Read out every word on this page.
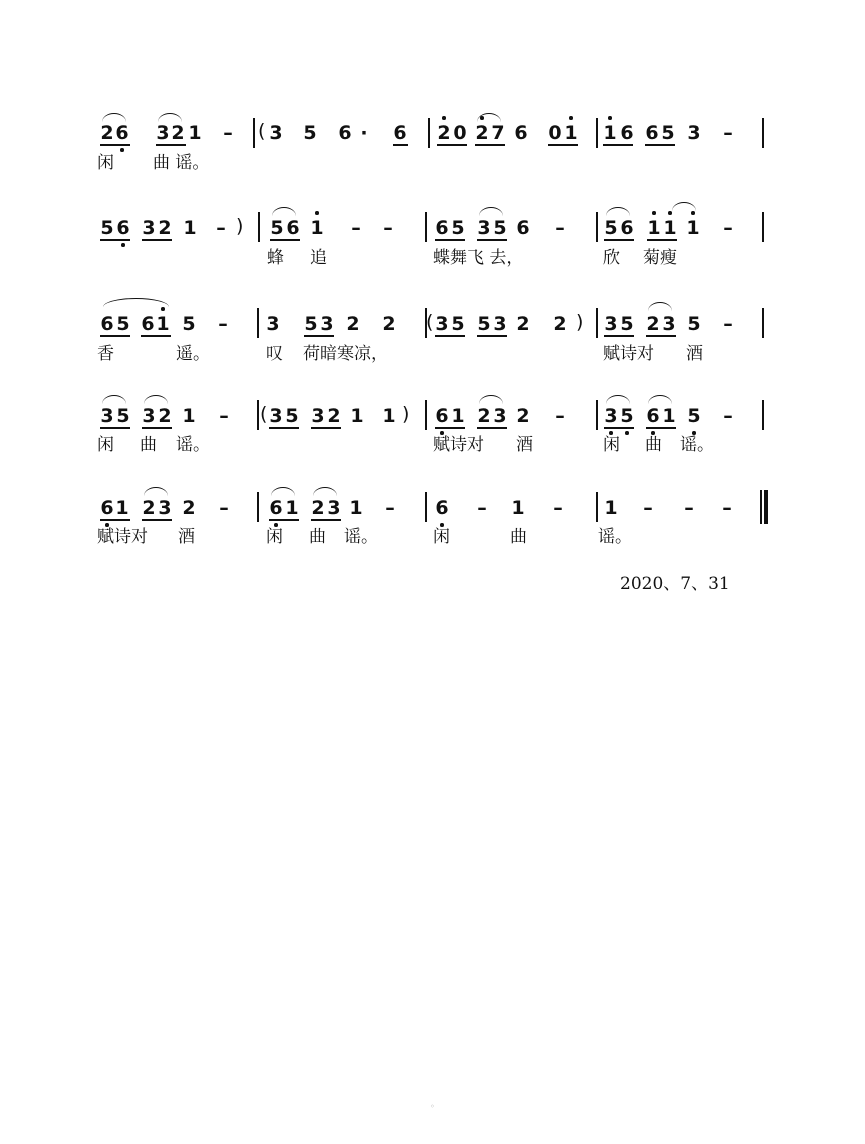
2 6 3 2 1 – ( 3 5 6 · 6 2 0 2 7 6 0 1 1 6 6 5 3 –
闲 曲 谣。
5 6 3 2 1 – ) 5 6 1 – – 6 5 3 5 6 – 5 6 1 1 1 –
蜂 追	蝶舞飞 去，	欣 菊瘦
6 5 6 1 5 – 3 5 3 2 2 ( 3 5 5 3 2 2 ) 3 5 2 3 5 –
香	遥。	叹 荷暗寒凉，	赋诗对 酒
3 5 3 2 1 – ( 3 5 3 2 1 1 ) 6 1 2 3 2 – 3 5 6 1 5 –
闲 曲 谣。	赋诗对 酒	闲 曲 谣。
6 1 2 3 2 – 6 1 2 3 1 – 6 – 1 – 1 – – –
赋诗对 酒	闲 曲 谣。	闲	曲	谣。
2020、7、31
◦
